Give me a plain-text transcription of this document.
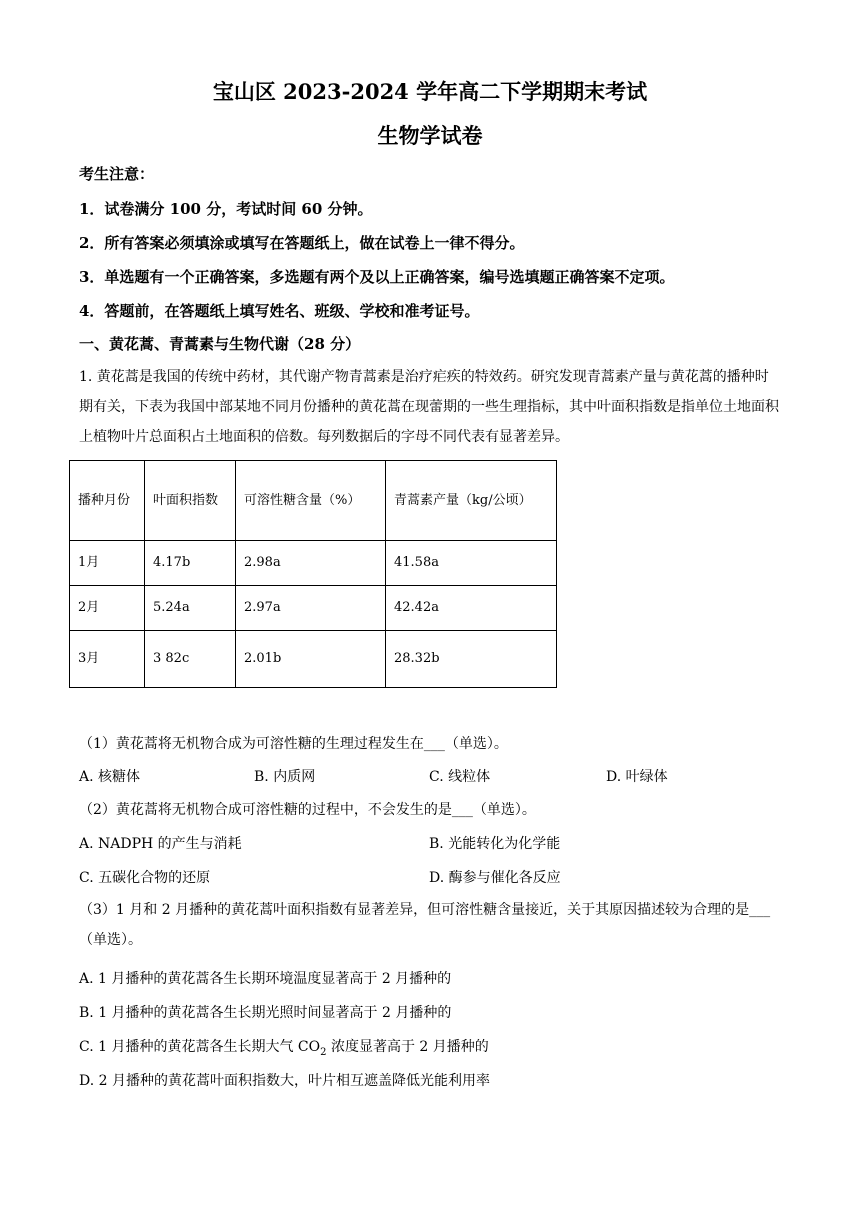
宝山区 2023-2024 学年高二下学期期末考试
生物学试卷
考生注意：
1．试卷满分 100 分，考试时间 60 分钟。
2．所有答案必须填涂或填写在答题纸上，做在试卷上一律不得分。
3．单选题有一个正确答案，多选题有两个及以上正确答案，编号选填题正确答案不定项。
4．答题前，在答题纸上填写姓名、班级、学校和准考证号。
一、黄花蒿、青蒿素与生物代谢（28 分）
1. 黄花蒿是我国的传统中药材，其代谢产物青蒿素是治疗疟疾的特效药。研究发现青蒿素产量与黄花蒿的播种时期有关，下表为我国中部某地不同月份播种的黄花蒿在现蕾期的一些生理指标，其中叶面积指数是指单位土地面积上植物叶片总面积占土地面积的倍数。每列数据后的字母不同代表有显著差异。
播种月份	叶面积指数	可溶性糖含量（%）	青蒿素产量（kg/公顷）
1月	4.17b	2.98a	41.58a
2月	5.24a	2.97a	42.42a
3月	3 82c	2.01b	28.32b
（1）黄花蒿将无机物合成为可溶性糖的生理过程发生在___（单选）。
A. 核糖体	B. 内质网	C. 线粒体	D. 叶绿体
（2）黄花蒿将无机物合成可溶性糖的过程中，不会发生的是___（单选）。
A. NADPH 的产生与消耗	B. 光能转化为化学能
C. 五碳化合物的还原	D. 酶参与催化各反应
（3）1 月和 2 月播种的黄花蒿叶面积指数有显著差异，但可溶性糖含量接近，关于其原因描述较为合理的是___（单选）。
A. 1 月播种的黄花蒿各生长期环境温度显著高于 2 月播种的
B. 1 月播种的黄花蒿各生长期光照时间显著高于 2 月播种的
C. 1 月播种的黄花蒿各生长期大气 $CO_2$ 浓度显著高于 2 月播种的
D. 2 月播种的黄花蒿叶面积指数大，叶片相互遮盖降低光能利用率
